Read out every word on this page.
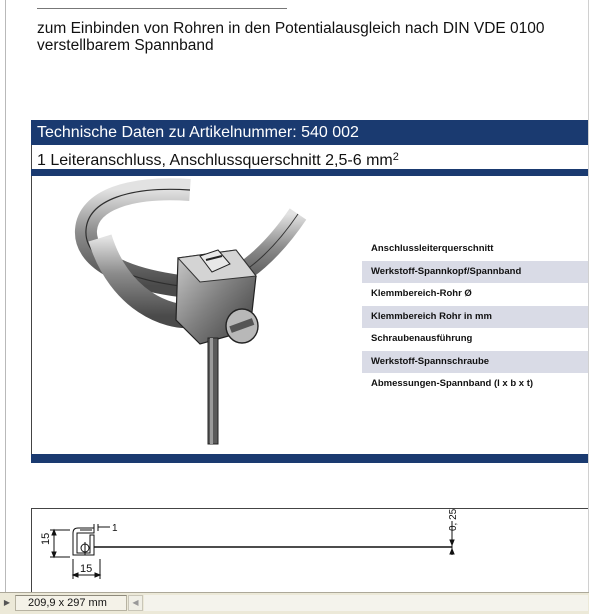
zum Einbinden von Rohren in den Potentialausgleich nach DIN VDE 0100
verstellbarem Spannband
Technische Daten zu Artikelnummer: 540 002
1 Leiteranschluss, Anschlussquerschnitt 2,5-6 $mm^2$
Anschlussleiterquerschnitt
Werkstoff-Spannkopf/Spannband
Klemmbereich-Rohr Ø
Klemmbereich Rohr in mm
Schraubenausführung
Werkstoff-Spannschraube
Abmessungen-Spannband (l x b x t)
15
15
1	0, 25
▶	209,9 x 297 mm	◀
